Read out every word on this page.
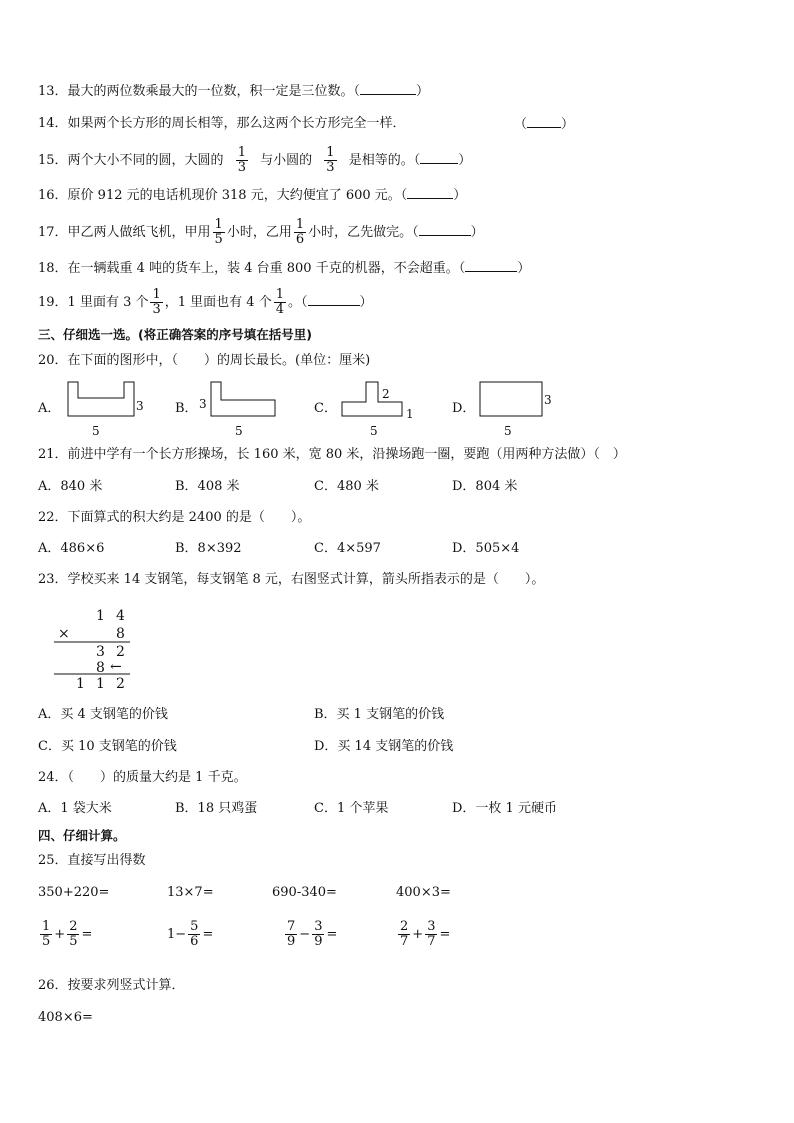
13．最大的两位数乘最大的一位数，积一定是三位数。（	）
14．如果两个长方形的周长相等，那么这两个长方形完全一样．	（	）
15．两个大小不同的圆，大圆的 $\frac{1}{3}$ 与小圆的 $\frac{1}{3}$ 是相等的。（	）
16．原价 912 元的电话机现价 318 元，大约便宜了 600 元。（	）
17．甲乙两人做纸飞机，甲用 $\frac{1}{5}$ 小时，乙用 $\frac{1}{6}$ 小时，乙先做完。（	）
18．在一辆载重 4 吨的货车上，装 4 台重 800 千克的机器，不会超重。（	）
19．1 里面有 3 个 $\frac{1}{3}$ ，1 里面也有 4 个 $\frac{1}{4}$ 。（	）
三、仔细选一选。(将正确答案的序号填在括号里)
20．在下面的图形中，（　　）的周长最长。(单位：厘米)
A．	3
5
B． 3
5
C．
2
1
5
D．
3
5
21．前进中学有一个长方形操场，长 160 米，宽 80 米，沿操场跑一圈，要跑（用两种方法做）（　）
A．840 米	B．408 米	C．480 米	D．804 米
22．下面算式的积大约是 2400 的是（　　）。
A．486×6	B．8×392	C．4×597	D．505×4
23．学校买来 14 支钢笔，每支钢笔 8 元，右图竖式计算，箭头所指表示的是（　　）。
1 4
×	8
3 2
8 ←
1 1 2
A．买 4 支钢笔的价钱	B．买 1 支钢笔的价钱
C．买 10 支钢笔的价钱	D．买 14 支钢笔的价钱
24．（　　）的质量大约是 1 千克。
A．1 袋大米	B．18 只鸡蛋	C．1 个苹果	D．一枚 1 元硬币
四、仔细计算。
25．直接写出得数
350+220=	13×7=	690-340=	400×3=
$\frac{1}{5} + \frac{2}{5}$ =	$1- \frac{5}{6}$ =	$\frac{7}{9} - \frac{3}{9}$ =	$\frac{2}{7} + \frac{3}{7}$ =
26．按要求列竖式计算．
408×6=
